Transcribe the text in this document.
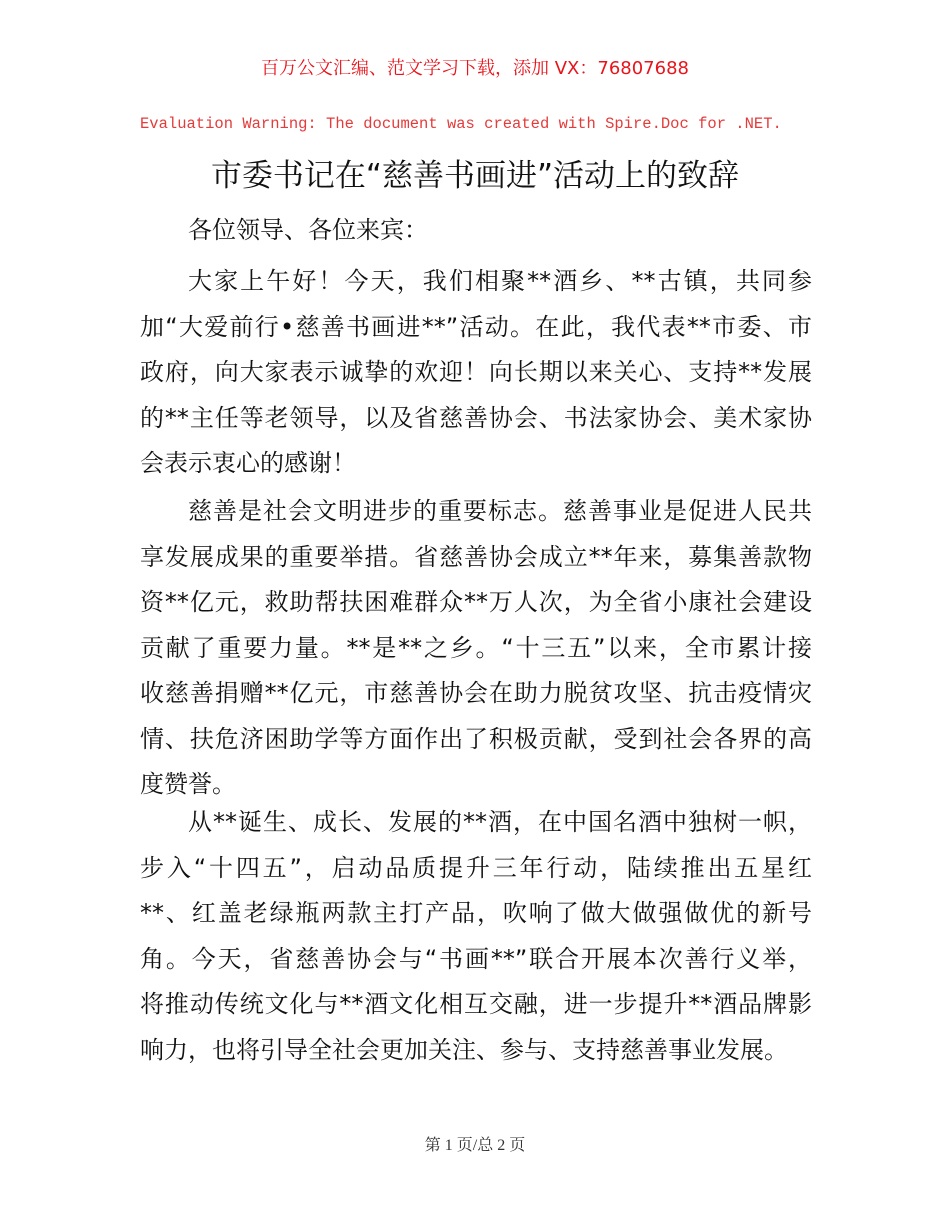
百万公文汇编、范文学习下载，添加 VX：76807688
Evaluation Warning: The document was created with Spire.Doc for .NET.
市委书记在“慈善书画进”活动上的致辞
各位领导、各位来宾：
大家上午好！今天，我们相聚**酒乡、**古镇，共同参
加“大爱前行•慈善书画进**”活动。在此，我代表**市委、市
政府，向大家表示诚挚的欢迎！向长期以来关心、支持**发展
的**主任等老领导，以及省慈善协会、书法家协会、美术家协
会表示衷心的感谢！
慈善是社会文明进步的重要标志。慈善事业是促进人民共
享发展成果的重要举措。省慈善协会成立**年来，募集善款物
资**亿元，救助帮扶困难群众**万人次，为全省小康社会建设
贡献了重要力量。**是**之乡。“十三五”以来，全市累计接
收慈善捐赠**亿元，市慈善协会在助力脱贫攻坚、抗击疫情灾
情、扶危济困助学等方面作出了积极贡献，受到社会各界的高
度赞誉。
从**诞生、成长、发展的**酒，在中国名酒中独树一帜，
步入“十四五”，启动品质提升三年行动，陆续推出五星红
**、红盖老绿瓶两款主打产品，吹响了做大做强做优的新号
角。今天，省慈善协会与“书画**”联合开展本次善行义举，
将推动传统文化与**酒文化相互交融，进一步提升**酒品牌影
响力，也将引导全社会更加关注、参与、支持慈善事业发展。
第 1 页/总 2 页
